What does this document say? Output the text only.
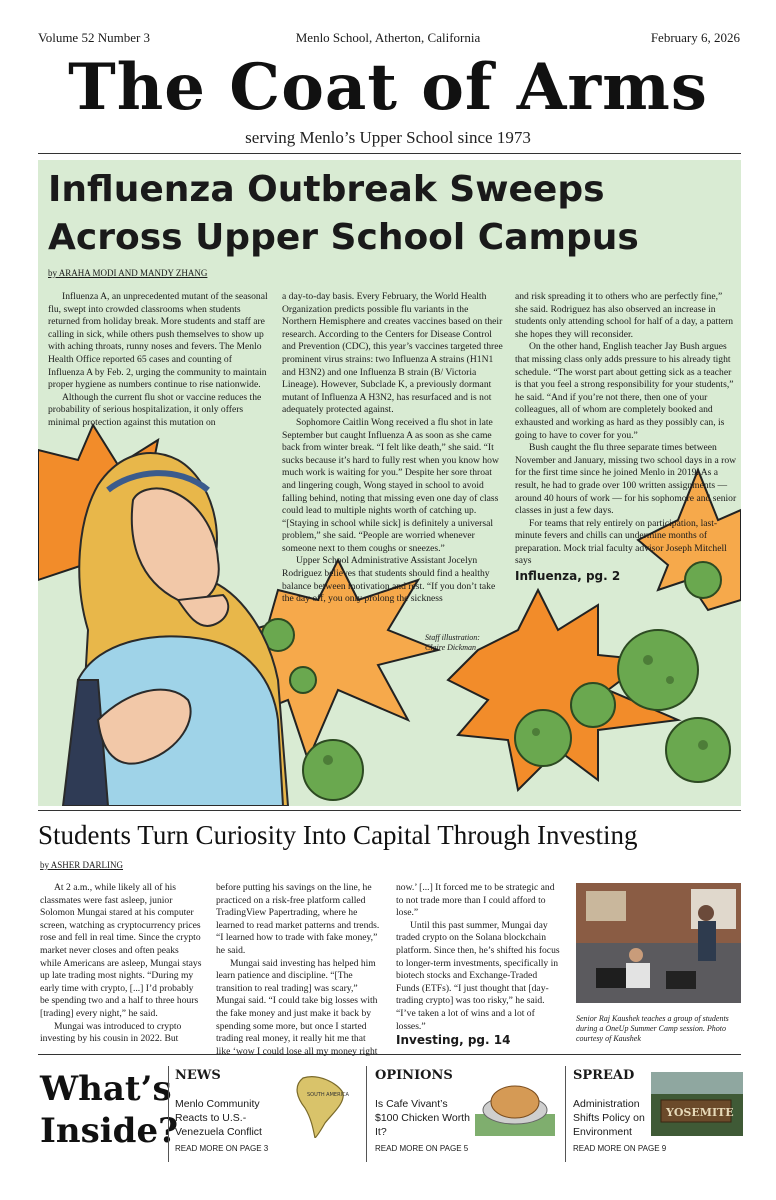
Volume 52 Number 3	Menlo School, Atherton, California	February 6, 2026
The Coat of Arms
serving Menlo’s Upper School since 1973
Influenza Outbreak Sweeps
Across Upper School Campus
by ARAHA MODI AND MANDY ZHANG

Influenza A, an unprecedented mutant of the seasonal flu, swept into crowded classrooms when students returned from holiday break. More students and staff are calling in sick, while others push themselves to show up with aching throats, runny noses and fevers. The Menlo Health Office reported 65 cases and counting of Influenza A by Feb. 2, urging the community to maintain proper hygiene as numbers continue to rise nationwide.

Although the current flu shot or vaccine reduces the probability of serious hospitalization, it only offers minimal protection against this mutation on

a day-to-day basis. Every February, the World Health Organization predicts possible flu variants in the Northern Hemisphere and creates vaccines based on their research. According to the Centers for Disease Control and Prevention (CDC), this year’s vaccines targeted three prominent virus strains: two Influenza A strains (H1N1 and H3N2) and one Influenza B strain (B/ Victoria Lineage). However, Subclade K, a previously dormant mutant of Influenza A H3N2, has resurfaced and is not adequately protected against.

Sophomore Caitlin Wong received a flu shot in late September but caught Influenza A as soon as she came back from winter break. “I felt like death,” she said. “It sucks because it’s hard to fully rest when you know how much work is waiting for you.” Despite her sore throat and lingering cough, Wong stayed in school to avoid falling behind, noting that missing even one day of class could lead to multiple nights worth of catching up. “[Staying in school while sick] is definitely a universal problem,” she said. “People are worried whenever someone next to them coughs or sneezes.”

Upper School Administrative Assistant Jocelyn Rodriguez believes that students should find a healthy balance between motivation and rest. “If you don’t take the day off, you only prolong the sickness

and risk spreading it to others who are perfectly fine,” she said. Rodriguez has also observed an increase in students only attending school for half of a day, a pattern she hopes they will reconsider.

On the other hand, English teacher Jay Bush argues that missing class only adds pressure to his already tight schedule. “The worst part about getting sick as a teacher is that you feel a strong responsibility for your students,” he said. “And if you’re not there, then one of your colleagues, all of whom are completely booked and exhausted and working as hard as they possibly can, is going to have to cover for you.”

Bush caught the flu three separate times between November and January, missing two school days in a row for the first time since he joined Menlo in 2019. As a result, he had to grade over 100 written assignments — around 40 hours of work — for his sophomore and senior classes in just a few days.

For teams that rely entirely on participation, last-minute fevers and chills can undermine months of preparation. Mock trial faculty advisor Joseph Mitchell says

Influenza, pg. 2
Staff illustration:
Claire Dickman
Students Turn Curiosity Into Capital Through Investing
by ASHER DARLING

At 2 a.m., while likely all of his classmates were fast asleep, junior Solomon Mungai stared at his computer screen, watching as cryptocurrency prices rose and fell in real time. Since the crypto market never closes and often peaks while Americans are asleep, Mungai stays up late trading most nights. “During my early time with crypto, [...] I’d probably be spending two and a half to three hours [trading] every night,” he said.

Mungai was introduced to crypto investing by his cousin in 2022. But

before putting his savings on the line, he practiced on a risk-free platform called TradingView Papertrading, where he learned to read market patterns and trends. “I learned how to trade with fake money,” he said.

Mungai said investing has helped him learn patience and discipline. “[The transition to real trading] was scary,” Mungai said. “I could take big losses with the fake money and just make it back by spending some more, but once I started trading real money, it really hit me that like ‘wow I could lose all my money right

now.’ [...] It forced me to be strategic and to not trade more than I could afford to lose.”

Until this past summer, Mungai day traded crypto on the Solana blockchain platform. Since then, he’s shifted his focus to longer-term investments, specifically in biotech stocks and Exchange-Traded Funds (ETFs). “I just thought that [day-trading crypto] was too risky,” he said. “I’ve taken a lot of wins and a lot of losses.”

Investing, pg. 14
Senior Raj Kaushek teaches a group of students during a OneUp Summer Camp session. Photo courtesy of Kaushek
What’s
Inside?
NEWS
Menlo Community Reacts to U.S.- Venezuela Conflict
READ MORE ON PAGE 3
SOUTH AMERICA
OPINIONS
Is Cafe Vivant’s $100 Chicken Worth It?
READ MORE ON PAGE 5
SPREAD
Administration Shifts Policy on Environment
READ MORE ON PAGE 9
YOSEMITE
